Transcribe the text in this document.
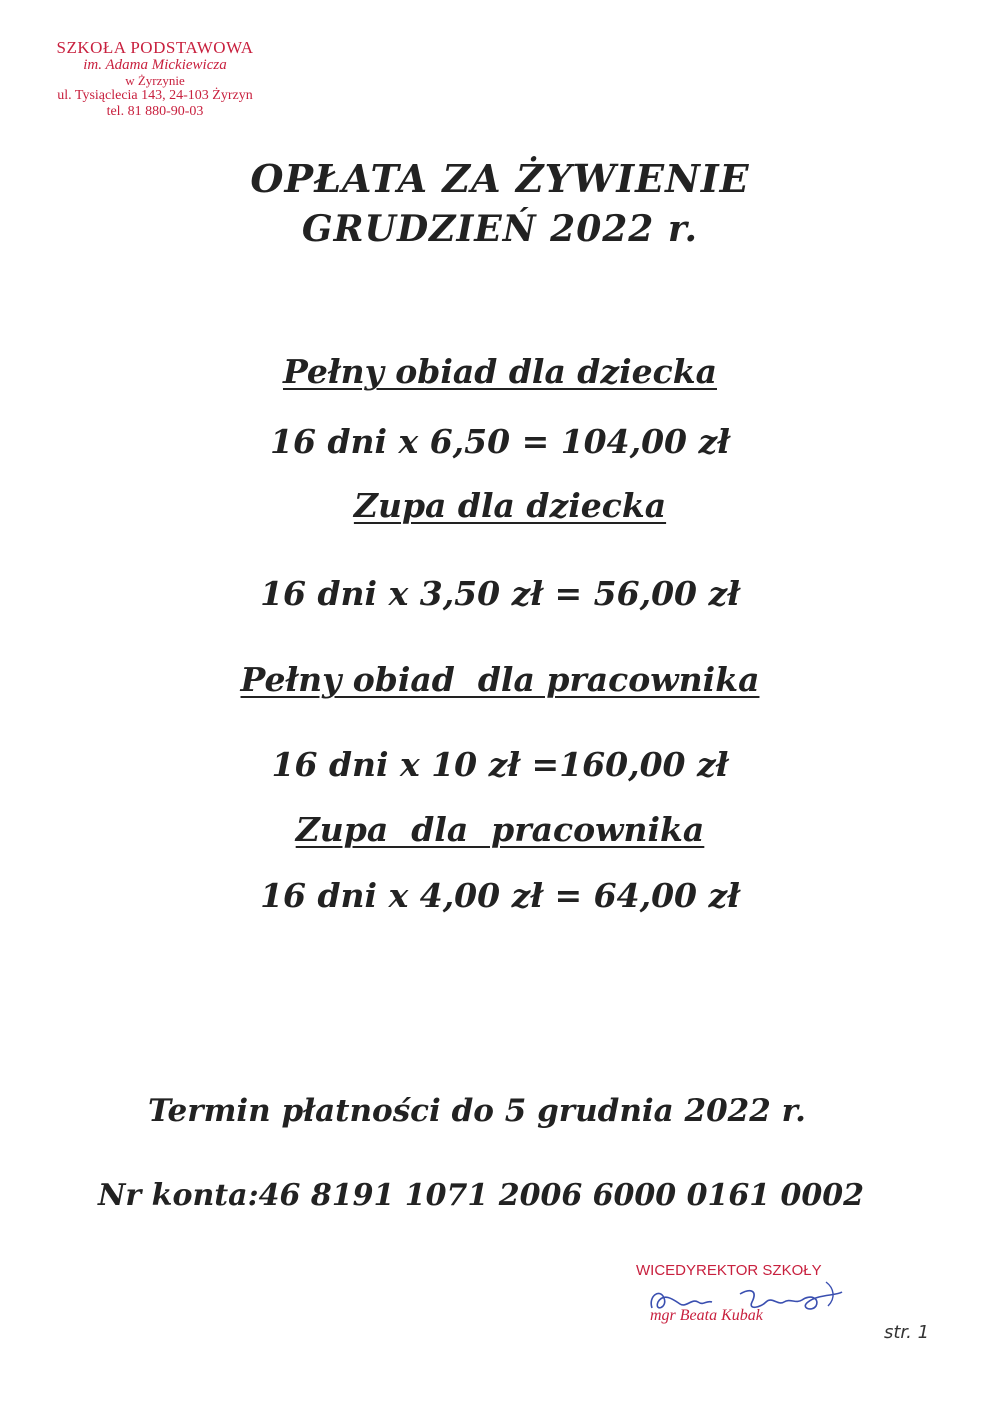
SZKOŁA PODSTAWOWA
im. Adama Mickiewicza
w Żyrzynie
ul. Tysiąclecia 143, 24-103 Żyrzyn
tel. 81 880-90-03
OPŁATA ZA ŻYWIENIE
GRUDZIEŃ 2022 r.
Pełny obiad dla dziecka
16 dni x 6,50 = 104,00 zł
Zupa dla dziecka
16 dni x 3,50 zł = 56,00 zł
Pełny obiad  dla pracownika
16 dni x 10 zł =160,00 zł
Zupa  dla  pracownika
16 dni x 4,00 zł = 64,00 zł
Termin płatności do 5 grudnia 2022 r.
Nr konta:46 8191 1071 2006 6000 0161 0002
WICEDYREKTOR SZKOŁY
mgr Beata Kubak
str. 1
